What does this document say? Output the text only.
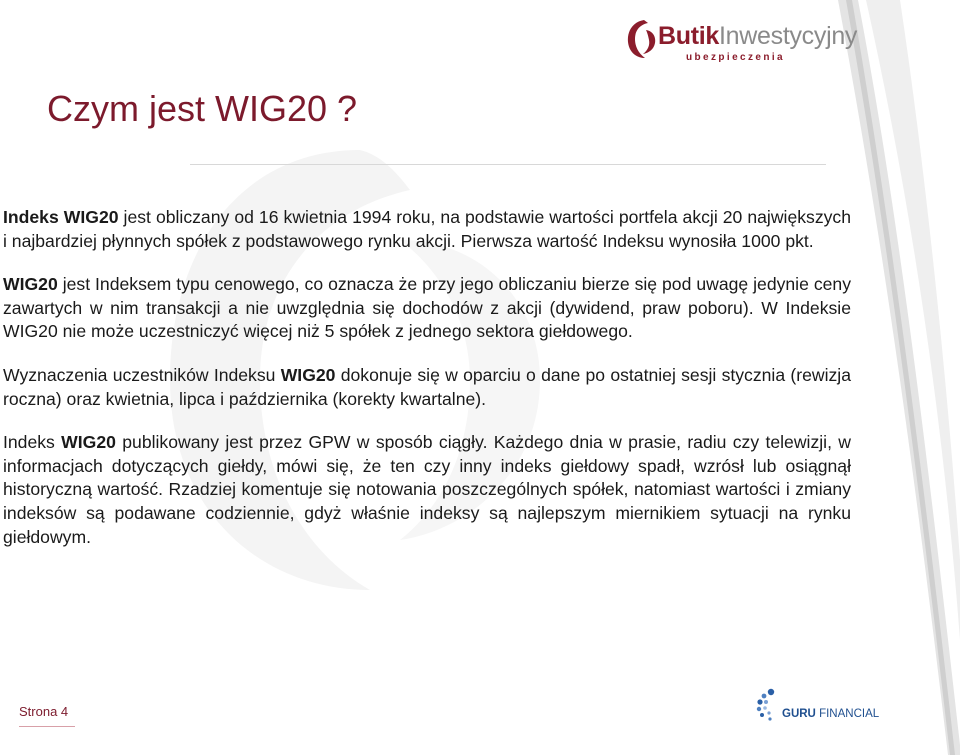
ButikInwestycyjny
ubezpieczenia
Czym jest WIG20 ?

Indeks WIG20 jest obliczany od 16 kwietnia 1994 roku, na podstawie wartości portfela akcji 20 największych i najbardziej płynnych spółek z podstawowego rynku akcji. Pierwsza wartość Indeksu wynosiła 1000 pkt.

WIG20 jest Indeksem typu cenowego, co oznacza że przy jego obliczaniu bierze się pod uwagę jedynie ceny zawartych w nim transakcji a nie uwzględnia się dochodów z akcji (dywidend, praw poboru). W Indeksie WIG20 nie może uczestniczyć więcej niż 5 spółek z jednego sektora giełdowego.

Wyznaczenia uczestników Indeksu WIG20 dokonuje się w oparciu o dane po ostatniej sesji stycznia (rewizja roczna) oraz kwietnia, lipca i października (korekty kwartalne).

Indeks WIG20 publikowany jest przez GPW w sposób ciągły. Każdego dnia w prasie, radiu czy telewizji, w informacjach dotyczących giełdy, mówi się, że ten czy inny indeks giełdowy spadł, wzrósł lub osiągnął historyczną wartość. Rzadziej komentuje się notowania poszczególnych spółek, natomiast wartości i zmiany indeksów są podawane codziennie, gdyż właśnie indeksy są najlepszym miernikiem sytuacji na rynku giełdowym.

Strona 4	GURU FINANCIAL
